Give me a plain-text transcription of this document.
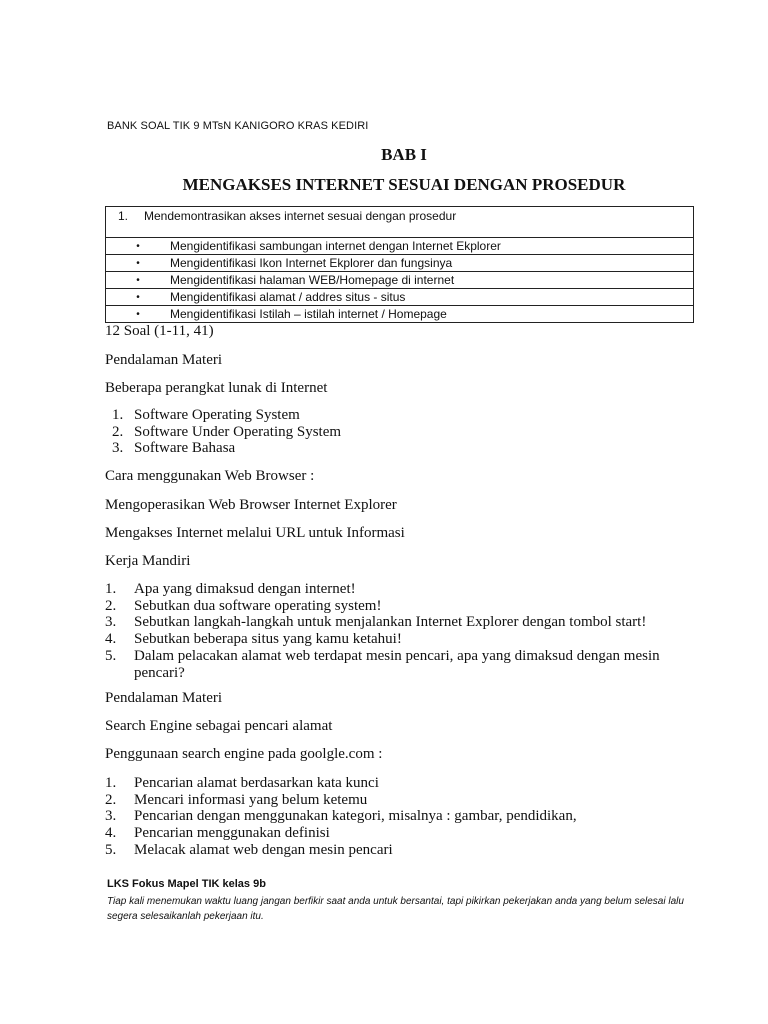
BANK SOAL TIK 9 MTsN KANIGORO KRAS KEDIRI
BAB I
MENGAKSES INTERNET SESUAI DENGAN PROSEDUR
1.	Mendemontrasikan akses internet sesuai dengan prosedur

•	Mengidentifikasi sambungan internet dengan Internet Ekplorer

•	Mengidentifikasi Ikon Internet Ekplorer dan fungsinya

•	Mengidentifikasi halaman WEB/Homepage di internet

•	Mengidentifikasi alamat / addres situs - situs

•	Mengidentifikasi Istilah – istilah internet / Homepage
12 Soal (1-11, 41)
Pendalaman Materi
Beberapa perangkat lunak di Internet
1. Software Operating System
2. Software Under Operating System
3. Software Bahasa
Cara menggunakan Web Browser :
Mengoperasikan Web Browser Internet Explorer
Mengakses Internet melalui URL untuk Informasi
Kerja Mandiri
1.	Apa yang dimaksud dengan internet!
2.	Sebutkan dua software operating system!
3.	Sebutkan langkah-langkah untuk menjalankan Internet Explorer dengan tombol start!
4.	Sebutkan beberapa situs yang kamu ketahui!
5.	Dalam pelacakan alamat web terdapat mesin pencari, apa yang dimaksud dengan mesin pencari?
Pendalaman Materi
Search Engine sebagai pencari alamat
Penggunaan search engine pada goolgle.com :
1.	Pencarian alamat berdasarkan kata kunci
2.	Mencari informasi yang belum ketemu
3.	Pencarian dengan menggunakan kategori, misalnya : gambar, pendidikan,
4.	Pencarian menggunakan definisi
5.	Melacak alamat web dengan mesin pencari
LKS Fokus Mapel TIK kelas 9b
Tiap kali menemukan waktu luang jangan berfikir saat anda untuk bersantai, tapi pikirkan pekerjakan anda yang belum selesai lalu segera selesaikanlah pekerjaan itu.
